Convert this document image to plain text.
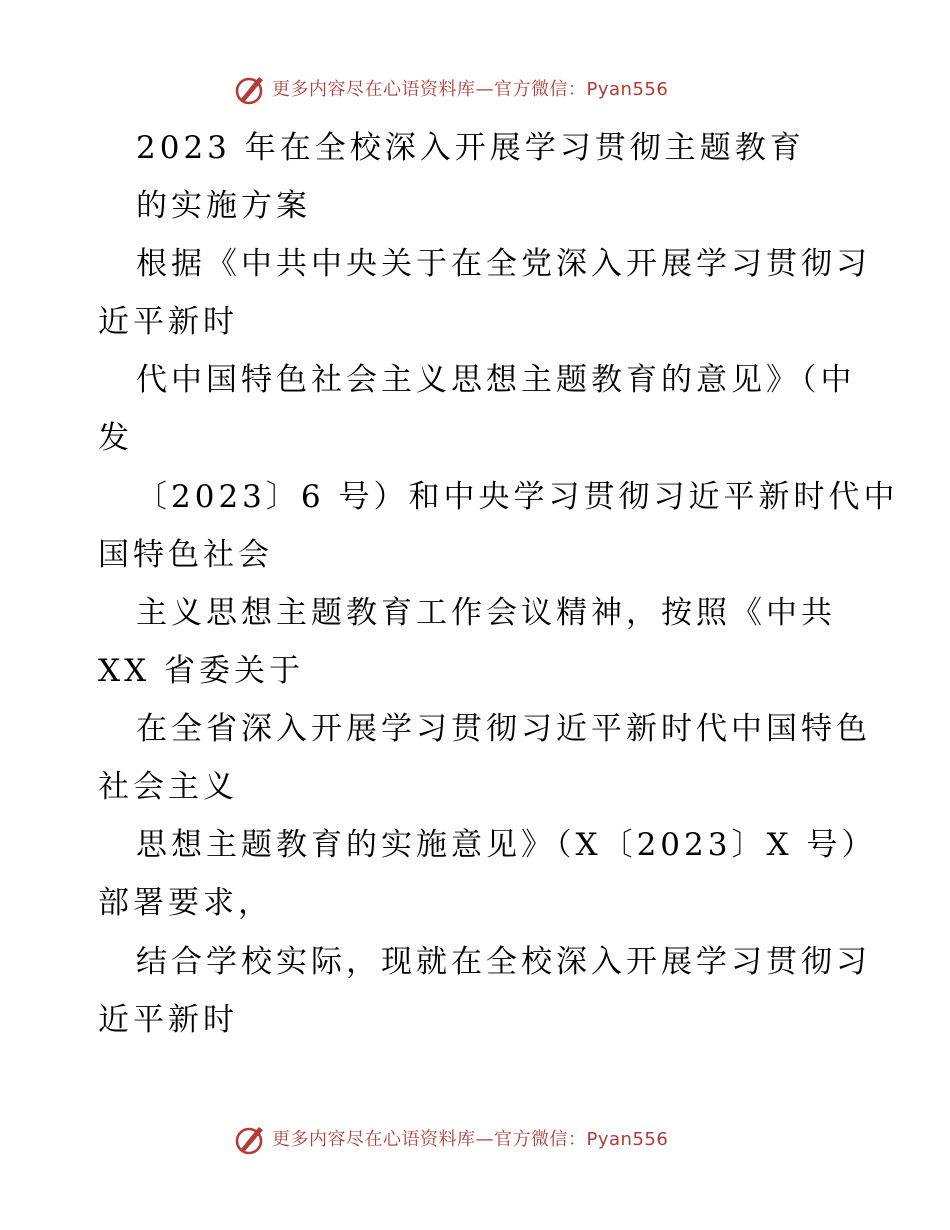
更多内容尽在心语资料库—官方微信：Pyan556
2023 年在全校深入开展学习贯彻主题教育
的实施方案
根据《中共中央关于在全党深入开展学习贯彻习
近平新时
代中国特色社会主义思想主题教育的意见》（中
发
〔2023〕6 号）和中央学习贯彻习近平新时代中
国特色社会
主义思想主题教育工作会议精神，按照《中共
XX 省委关于
在全省深入开展学习贯彻习近平新时代中国特色
社会主义
思想主题教育的实施意见》（X〔2023〕X 号）
部署要求，
结合学校实际，现就在全校深入开展学习贯彻习
近平新时
更多内容尽在心语资料库—官方微信：Pyan556
